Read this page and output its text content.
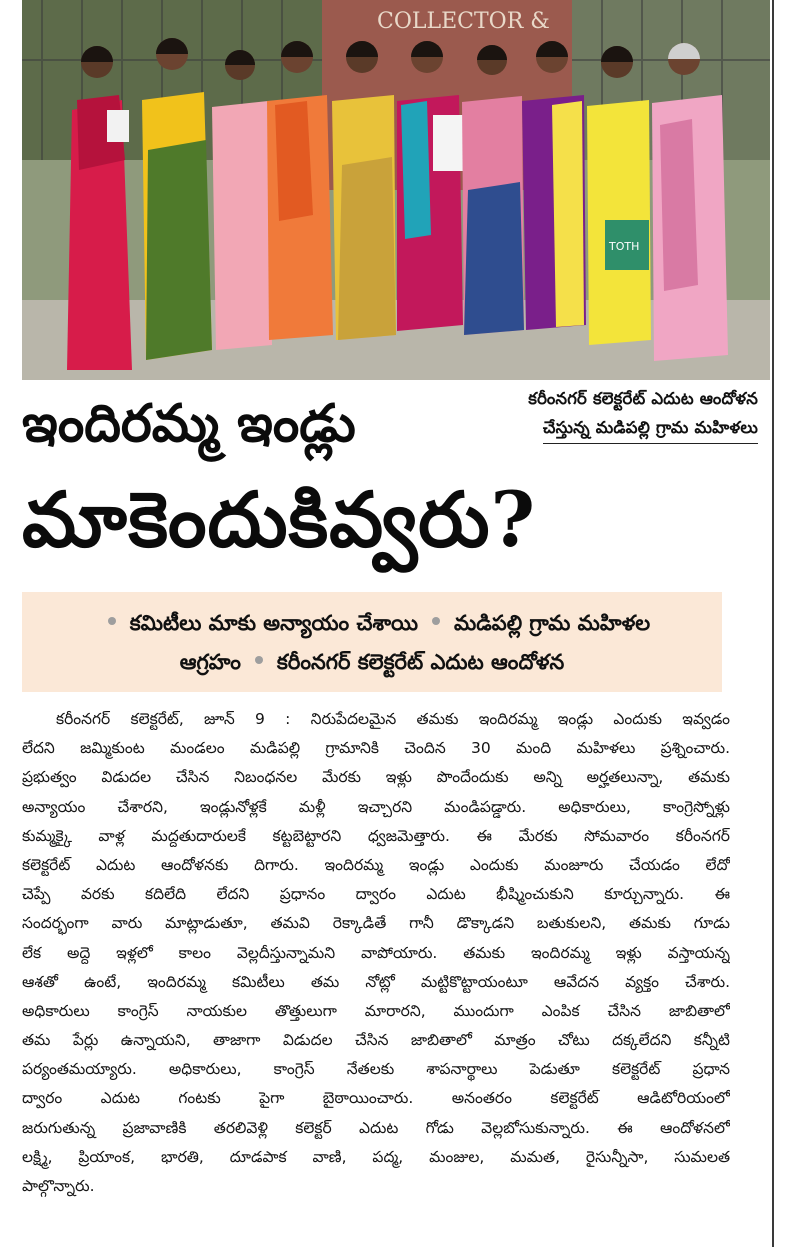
COLLECTOR &
TOTH
కరీంనగర్ కలెక్టరేట్ ఎదుట ఆందోళన
చేస్తున్న మడిపల్లి గ్రామ మహిళలు
ఇందిరమ్మ ఇండ్లు
మాకెందుకివ్వరు?
కమిటీలు మాకు అన్యాయం చేశాయి మడిపల్లి గ్రామ మహిళల
ఆగ్రహం కరీంనగర్ కలెక్టరేట్ ఎదుట ఆందోళన
కరీంనగర్ కలెక్టరేట్, జూన్ 9 : నిరుపేదలమైన తమకు ఇందిరమ్మ ఇండ్లు ఎందుకు ఇవ్వడం
లేదని జమ్మికుంట మండలం మడిపల్లి గ్రామానికి చెందిన 30 మంది మహిళలు ప్రశ్నించారు.
ప్రభుత్వం విడుదల చేసిన నిబంధనల మేరకు ఇళ్లు పొందేందుకు అన్ని అర్హతలున్నా, తమకు
అన్యాయం చేశారని, ఇండ్లునోళ్లకే మళ్లీ ఇచ్చారని మండిపడ్డారు. అధికారులు, కాంగ్రెస్నోళ్లు
కుమ్మక్కై వాళ్ల మద్దతుదారులకే కట్టబెట్టారని ధ్వజమెత్తారు. ఈ మేరకు సోమవారం కరీంనగర్
కలెక్టరేట్ ఎదుట ఆందోళనకు దిగారు. ఇందిరమ్మ ఇండ్లు ఎందుకు మంజూరు చేయడం లేదో
చెప్పే వరకు కదిలేది లేదని ప్రధానం ద్వారం ఎదుట భీష్మించుకుని కూర్చున్నారు. ఈ
సందర్భంగా వారు మాట్లాడుతూ, తమవి రెక్కాడితే గానీ డొక్కాడని బతుకులని, తమకు గూడు
లేక అద్దె ఇళ్లలో కాలం వెల్లదీస్తున్నామని వాపోయారు. తమకు ఇందిరమ్మ ఇళ్లు వస్తాయన్న
ఆశతో ఉంటే, ఇందిరమ్మ కమిటీలు తమ నోట్లో మట్టికొట్టాయంటూ ఆవేదన వ్యక్తం చేశారు.
అధికారులు కాంగ్రెస్ నాయకుల తొత్తులుగా మారారని, ముందుగా ఎంపిక చేసిన జాబితాలో
తమ పేర్లు ఉన్నాయని, తాజాగా విడుదల చేసిన జాబితాలో మాత్రం చోటు దక్కలేదని కన్నీటి
పర్యంతమయ్యారు. అధికారులు, కాంగ్రెస్ నేతలకు శాపనార్థాలు పెడుతూ కలెక్టరేట్ ప్రధాన
ద్వారం ఎదుట గంటకు పైగా బైఠాయించారు. అనంతరం కలెక్టరేట్ ఆడిటోరియంలో
జరుగుతున్న ప్రజావాణికి తరలివెళ్లి కలెక్టర్ ఎదుట గోడు వెల్లబోసుకున్నారు. ఈ ఆందోళనలో
లక్ష్మి, ప్రియాంక, భారతి, దూడపాక వాణి, పద్మ, మంజుల, మమత, రైసున్నీసా, సుమలత
పాల్గొన్నారు.
